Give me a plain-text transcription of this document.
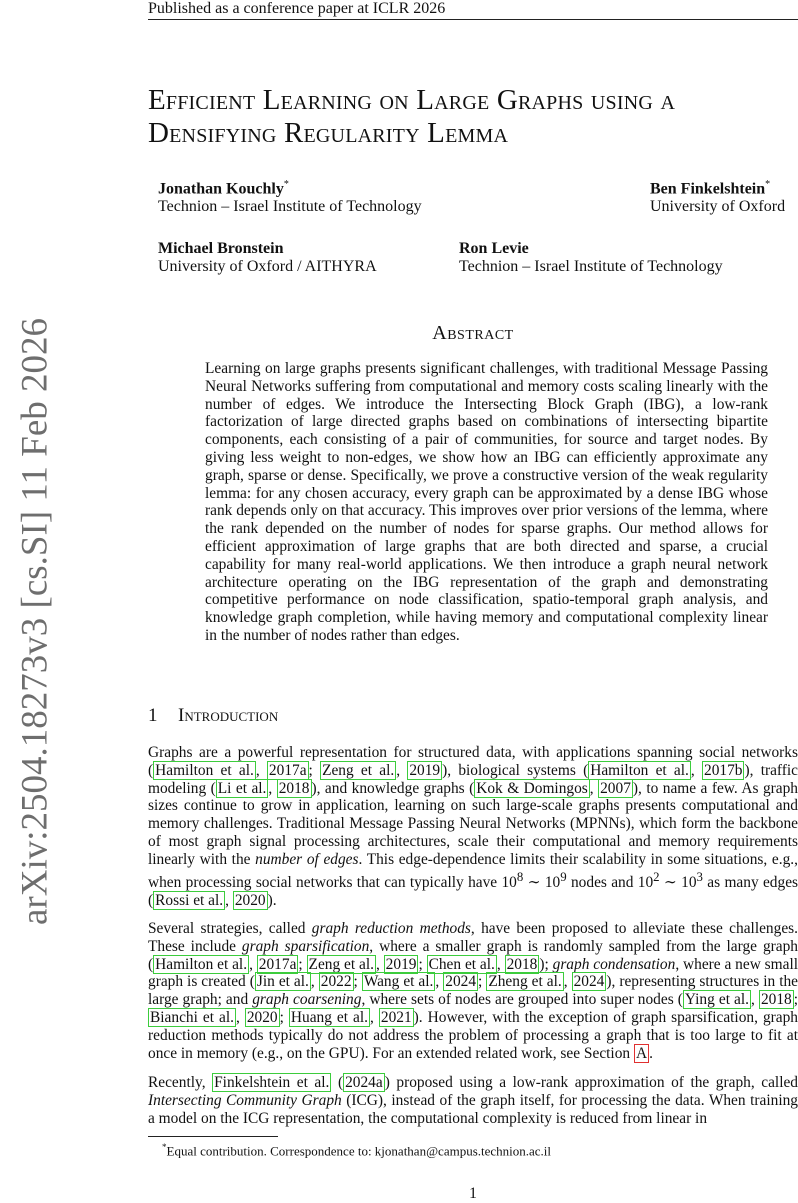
Published as a conference paper at ICLR 2026
arXiv:2504.18273v3 [cs.SI] 11 Feb 2026
Efficient Learning on Large Graphs using a
Densifying Regularity Lemma
Jonathan Kouchly*
Technion – Israel Institute of Technology
Ben Finkelshtein*
University of Oxford
Michael Bronstein
University of Oxford / AITHYRA
Ron Levie
Technion – Israel Institute of Technology
Abstract
Learning on large graphs presents significant challenges, with traditional Message Passing Neural Networks suffering from computational and memory costs scaling linearly with the number of edges. We introduce the Intersecting Block Graph (IBG), a low-rank factorization of large directed graphs based on combinations of intersecting bipartite components, each consisting of a pair of communities, for source and target nodes. By giving less weight to non-edges, we show how an IBG can efficiently approximate any graph, sparse or dense. Specifically, we prove a constructive version of the weak regularity lemma: for any chosen accuracy, every graph can be approximated by a dense IBG whose rank depends only on that accuracy. This improves over prior versions of the lemma, where the rank depended on the number of nodes for sparse graphs. Our method allows for efficient approximation of large graphs that are both directed and sparse, a crucial capability for many real-world applications. We then introduce a graph neural network architecture operating on the IBG representation of the graph and demonstrating competitive performance on node classification, spatio-temporal graph analysis, and knowledge graph completion, while having memory and computational complexity linear in the number of nodes rather than edges.
1 Introduction
Graphs are a powerful representation for structured data, with applications spanning social networks ( Hamilton et al. , 2017a ; Zeng et al. , 2019 ), biological systems ( Hamilton et al. , 2017b ), traffic modeling ( Li et al. , 2018 ), and knowledge graphs ( Kok & Domingos , 2007 ), to name a few. As graph sizes continue to grow in application, learning on such large-scale graphs presents computational and memory challenges. Traditional Message Passing Neural Networks (MPNNs), which form the backbone of most graph signal processing architectures, scale their computational and memory requirements linearly with the number of edges. This edge-dependence limits their scalability in some situations, e.g., when processing social networks that can typically have $10^8$ ∼ $10^9$ nodes and $10^2$ ∼ $10^3$ as many edges ( Rossi et al. , 2020 ).
Several strategies, called graph reduction methods, have been proposed to alleviate these challenges. These include graph sparsification, where a smaller graph is randomly sampled from the large graph ( Hamilton et al. , 2017a ; Zeng et al. , 2019 ; Chen et al. , 2018 ); graph condensation, where a new small graph is created ( Jin et al. , 2022 ; Wang et al. , 2024 ; Zheng et al. , 2024 ), representing structures in the large graph; and graph coarsening, where sets of nodes are grouped into super nodes ( Ying et al. , 2018 ; Bianchi et al. , 2020 ; Huang et al. , 2021 ). However, with the exception of graph sparsification, graph reduction methods typically do not address the problem of processing a graph that is too large to fit at once in memory (e.g., on the GPU). For an extended related work, see Section A .
Recently, Finkelshtein et al. ( 2024a ) proposed using a low-rank approximation of the graph, called Intersecting Community Graph (ICG), instead of the graph itself, for processing the data. When training a model on the ICG representation, the computational complexity is reduced from linear in
*Equal contribution. Correspondence to: kjonathan@campus.technion.ac.il
1
